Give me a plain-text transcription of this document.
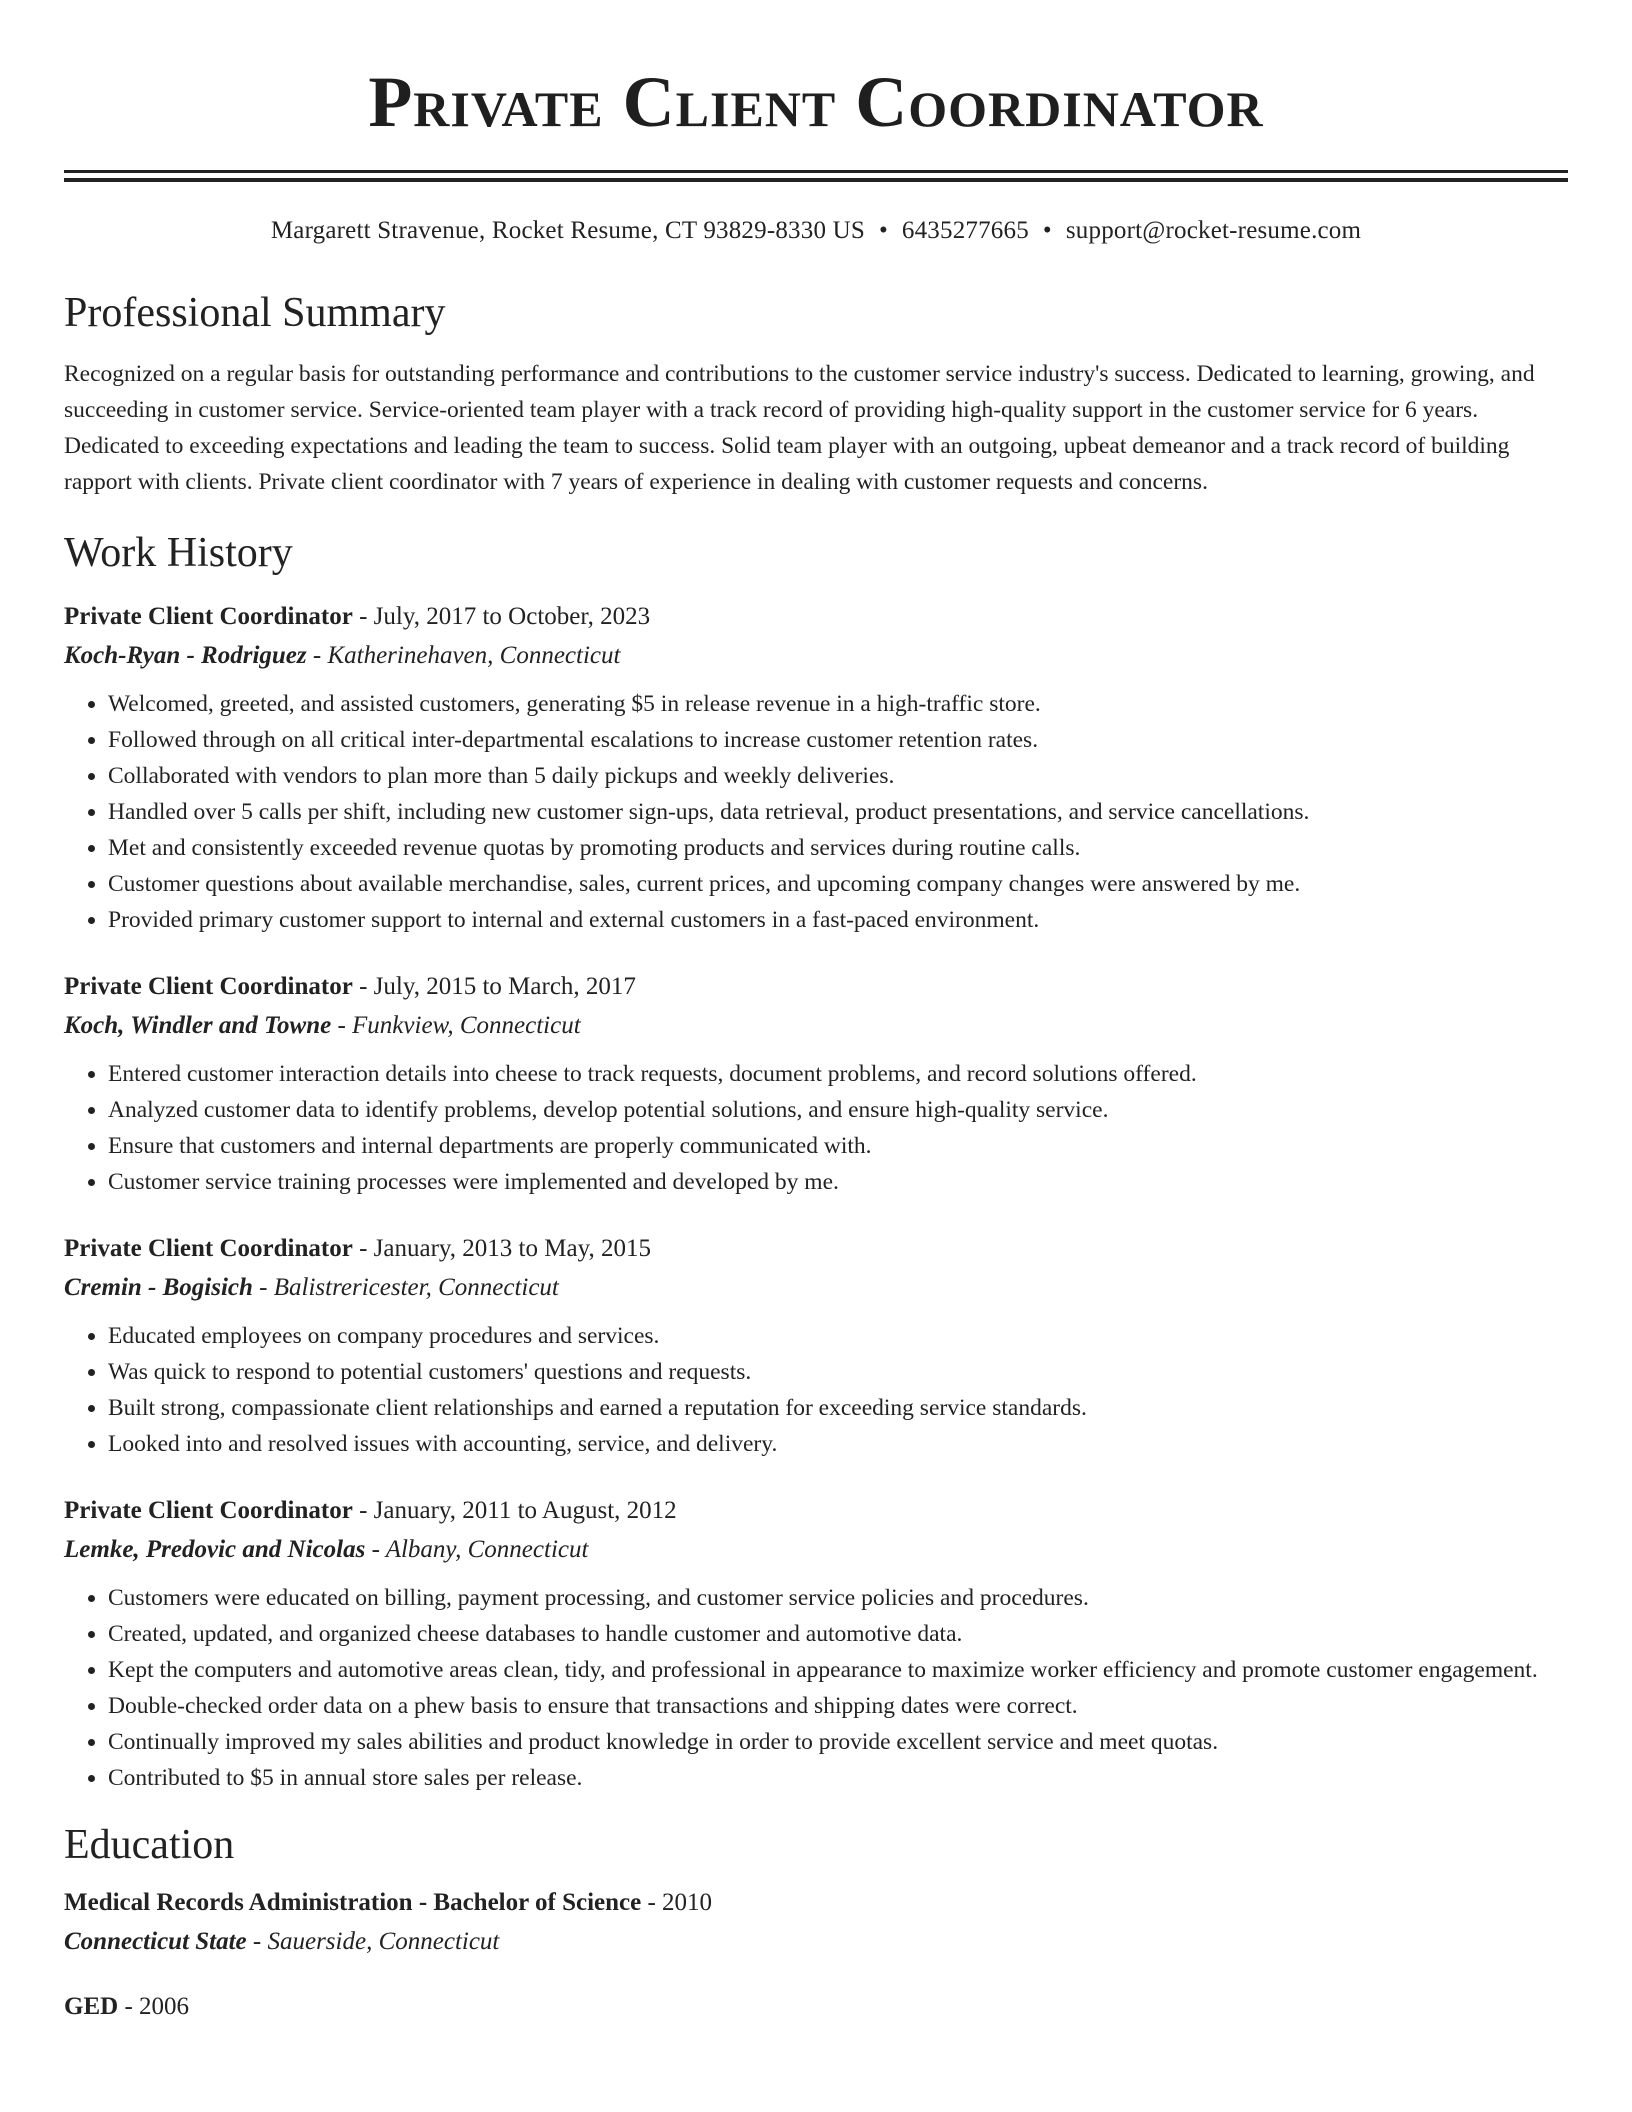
Private Client Coordinator
Margarett Stravenue, Rocket Resume, CT 93829-8330 US • 6435277665 • support@rocket-resume.com
Professional Summary

Recognized on a regular basis for outstanding performance and contributions to the customer service industry's success. Dedicated to learning, growing, and succeeding in customer service. Service-oriented team player with a track record of providing high-quality support in the customer service for 6 years. Dedicated to exceeding expectations and leading the team to success. Solid team player with an outgoing, upbeat demeanor and a track record of building rapport with clients. Private client coordinator with 7 years of experience in dealing with customer requests and concerns.

Work History
Private Client Coordinator - July, 2017 to October, 2023
Koch-Ryan - Rodriguez - Katherinehaven, Connecticut
• Welcomed, greeted, and assisted customers, generating $5 in release revenue in a high-traffic store.
• Followed through on all critical inter-departmental escalations to increase customer retention rates.
• Collaborated with vendors to plan more than 5 daily pickups and weekly deliveries.
• Handled over 5 calls per shift, including new customer sign-ups, data retrieval, product presentations, and service cancellations.
• Met and consistently exceeded revenue quotas by promoting products and services during routine calls.
• Customer questions about available merchandise, sales, current prices, and upcoming company changes were answered by me.
• Provided primary customer support to internal and external customers in a fast-paced environment.
Private Client Coordinator - July, 2015 to March, 2017
Koch, Windler and Towne - Funkview, Connecticut
• Entered customer interaction details into cheese to track requests, document problems, and record solutions offered.
• Analyzed customer data to identify problems, develop potential solutions, and ensure high-quality service.
• Ensure that customers and internal departments are properly communicated with.
• Customer service training processes were implemented and developed by me.
Private Client Coordinator - January, 2013 to May, 2015
Cremin - Bogisich - Balistrericester, Connecticut
• Educated employees on company procedures and services.
• Was quick to respond to potential customers' questions and requests.
• Built strong, compassionate client relationships and earned a reputation for exceeding service standards.
• Looked into and resolved issues with accounting, service, and delivery.
Private Client Coordinator - January, 2011 to August, 2012
Lemke, Predovic and Nicolas - Albany, Connecticut
• Customers were educated on billing, payment processing, and customer service policies and procedures.
• Created, updated, and organized cheese databases to handle customer and automotive data.
• Kept the computers and automotive areas clean, tidy, and professional in appearance to maximize worker efficiency and promote customer engagement.
• Double-checked order data on a phew basis to ensure that transactions and shipping dates were correct.
• Continually improved my sales abilities and product knowledge in order to provide excellent service and meet quotas.
• Contributed to $5 in annual store sales per release.
Education
Medical Records Administration - Bachelor of Science - 2010
Connecticut State - Sauerside, Connecticut
GED - 2006
